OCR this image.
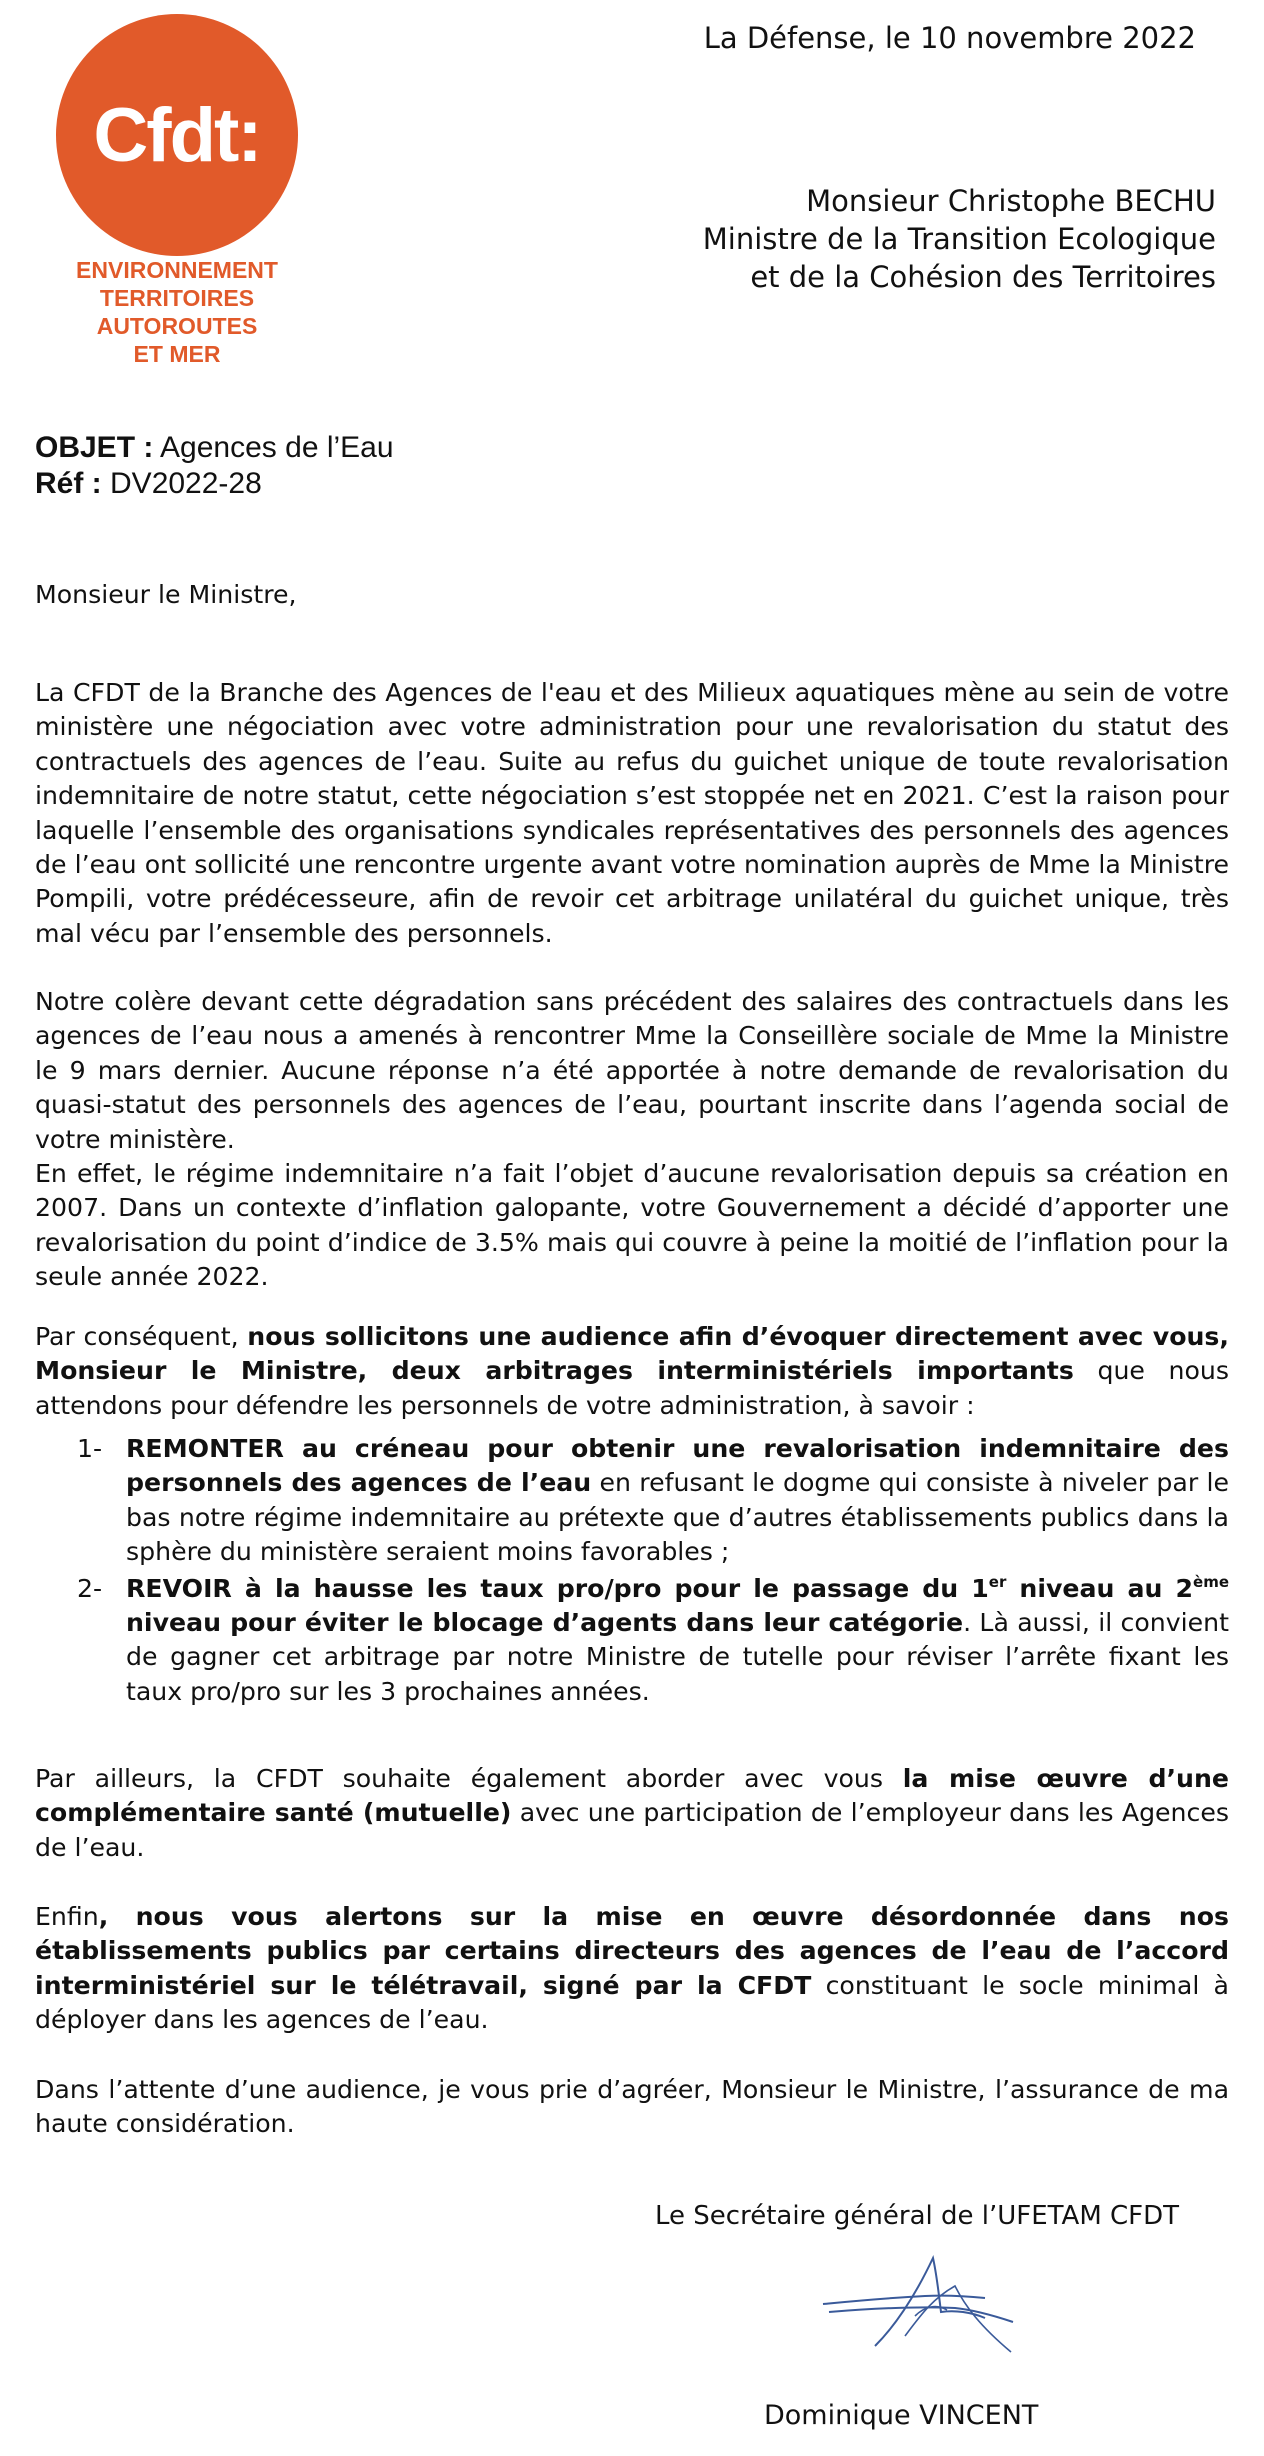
Cfdt:
ENVIRONNEMENT
TERRITOIRES
AUTOROUTES
ET MER
La Défense, le 10 novembre 2022
Monsieur Christophe BECHU
Ministre de la Transition Ecologique
et de la Cohésion des Territoires
OBJET : Agences de l’Eau
Réf : DV2022-28
Monsieur le Ministre,

La CFDT de la Branche des Agences de l'eau et des Milieux aquatiques mène au sein de votre ministère une négociation avec votre administration pour une revalorisation du statut des contractuels des agences de l’eau. Suite au refus du guichet unique de toute revalorisation indemnitaire de notre statut, cette négociation s’est stoppée net en 2021. C’est la raison pour laquelle l’ensemble des organisations syndicales représentatives des personnels des agences de l’eau ont sollicité une rencontre urgente avant votre nomination auprès de Mme la Ministre Pompili, votre prédécesseure, afin de revoir cet arbitrage unilatéral du guichet unique, très mal vécu par l’ensemble des personnels.

Notre colère devant cette dégradation sans précédent des salaires des contractuels dans les agences de l’eau nous a amenés à rencontrer Mme la Conseillère sociale de Mme la Ministre le 9 mars dernier. Aucune réponse n’a été apportée à notre demande de revalorisation du quasi-statut des personnels des agences de l’eau, pourtant inscrite dans l’agenda social de votre ministère.

En effet, le régime indemnitaire n’a fait l’objet d’aucune revalorisation depuis sa création en 2007. Dans un contexte d’inflation galopante, votre Gouvernement a décidé d’apporter une revalorisation du point d’indice de 3.5% mais qui couvre à peine la moitié de l’inflation pour la seule année 2022.

Par conséquent, nous sollicitons une audience afin d’évoquer directement avec vous, Monsieur le Ministre, deux arbitrages interministériels importants que nous attendons pour défendre les personnels de votre administration, à savoir :

1- REMONTER au créneau pour obtenir une revalorisation indemnitaire des personnels des agences de l’eau en refusant le dogme qui consiste à niveler par le bas notre régime indemnitaire au prétexte que d’autres établissements publics dans la sphère du ministère seraient moins favorables ;
2- REVOIR à la hausse les taux pro/pro pour le passage du 1er niveau au 2ème niveau pour éviter le blocage d’agents dans leur catégorie. Là aussi, il convient de gagner cet arbitrage par notre Ministre de tutelle pour réviser l’arrête fixant les taux pro/pro sur les 3 prochaines années.

Par ailleurs, la CFDT souhaite également aborder avec vous la mise œuvre d’une complémentaire santé (mutuelle) avec une participation de l’employeur dans les Agences de l’eau.

Enfin, nous vous alertons sur la mise en œuvre désordonnée dans nos établissements publics par certains directeurs des agences de l’eau de l’accord interministériel sur le télétravail, signé par la CFDT constituant le socle minimal à déployer dans les agences de l’eau.

Dans l’attente d’une audience, je vous prie d’agréer, Monsieur le Ministre, l’assurance de ma haute considération.

Le Secrétaire général de l’UFETAM CFDT
Dominique VINCENT
